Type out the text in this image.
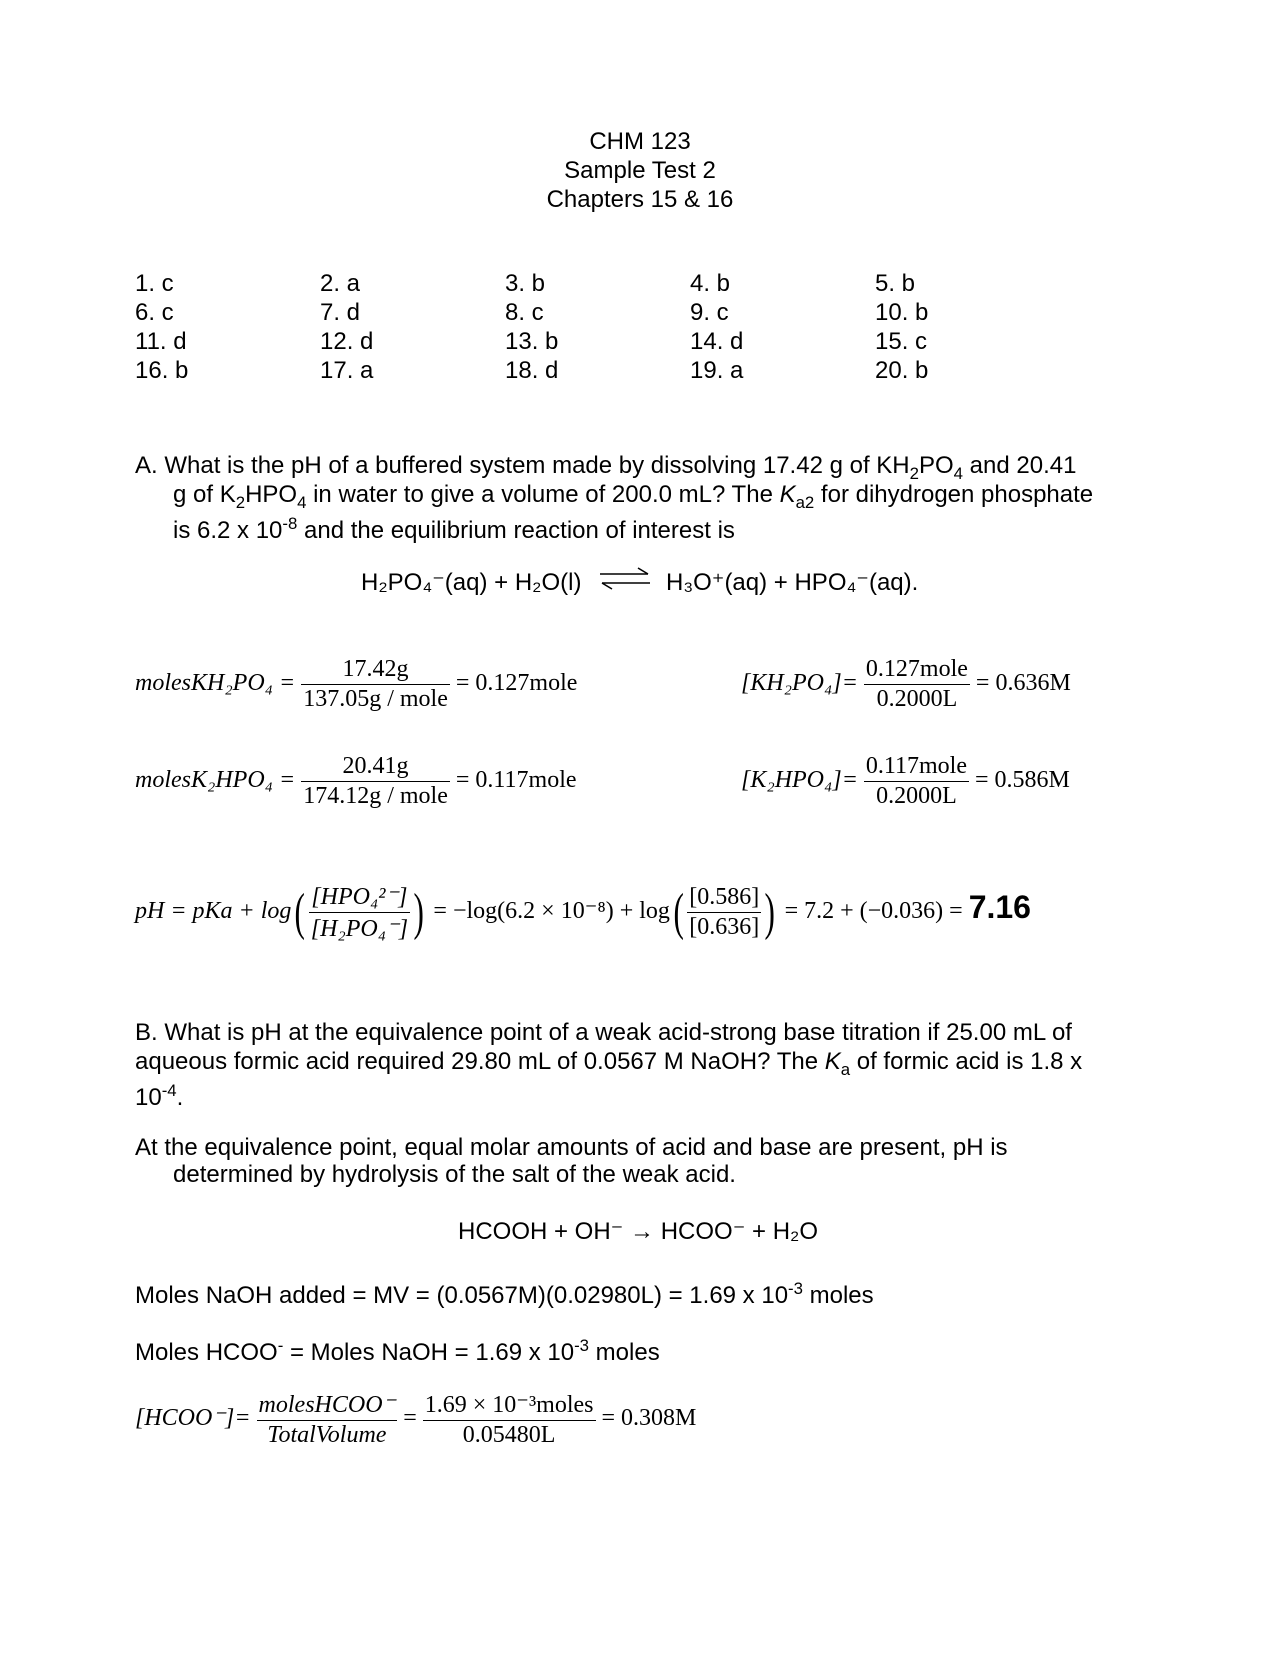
CHM 123
Sample Test 2
Chapters 15 & 16
1. c	2. a	3. b	4. b	5. b
6. c	7. d	8. c	9. c	10. b
11. d	12. d	13. b	14. d	15. c
16. b	17. a	18. d	19. a	20. b
A. What is the pH of a buffered system made by dissolving 17.42 g of $KH_2PO_4$ and 20.41
g of $K_2HPO_4$ in water to give a volume of 200.0 mL? The $K_{a2}$ for dihydrogen phosphate
is 6.2 x $10^{-8}$ and the equilibrium reaction of interest is
H₂PO₄⁻(aq) + H₂O(l) ⇌ H₃O⁺(aq) + HPO₄⁻(aq).
molesKH₂PO₄ = $\frac{17.42g}{\text{137.05g / mole}}$ = 0.127mole	$[KH_2PO_4]= \frac{\text{0.127mole}}{0.2000L} = 0.636M$
molesK₂HPO₄ = $\frac{20.41g}{\text{174.12g / mole}}$ = 0.117mole	$[K_2HPO_4]= \frac{\text{0.117mole}}{0.2000L} = 0.586M$
pH = pKa + $\log( \frac{\text{[HPO₄²⁻]}}{\text{[H₂PO₄⁻]}}$ ) = $-\log(6.2 \times 10^{-8}) + \log( \frac{[0.586]}{[0.636]}$ ) = 7.2 + (−0.036) = 7.16
B. What is pH at the equivalence point of a weak acid-strong base titration if 25.00 mL of
aqueous formic acid required 29.80 mL of 0.0567 M NaOH? The $K_a$ of formic acid is 1.8 x
$10^{-4}$.
At the equivalence point, equal molar amounts of acid and base are present, pH is
determined by hydrolysis of the salt of the weak acid.
HCOOH + OH⁻ → HCOO⁻ + H₂O
Moles NaOH added = MV = (0.0567M)(0.02980L) = 1.69 x $10^{-3}$ moles
Moles HCOO- = Moles NaOH = 1.69 x $10^{-3}$ moles
[HCOO⁻]= $\frac{\text{molesHCOO⁻}}{\text{TotalVolume}} = \frac{\text{1.69 × 10⁻³moles}}{0.05480L} = 0.308M$
